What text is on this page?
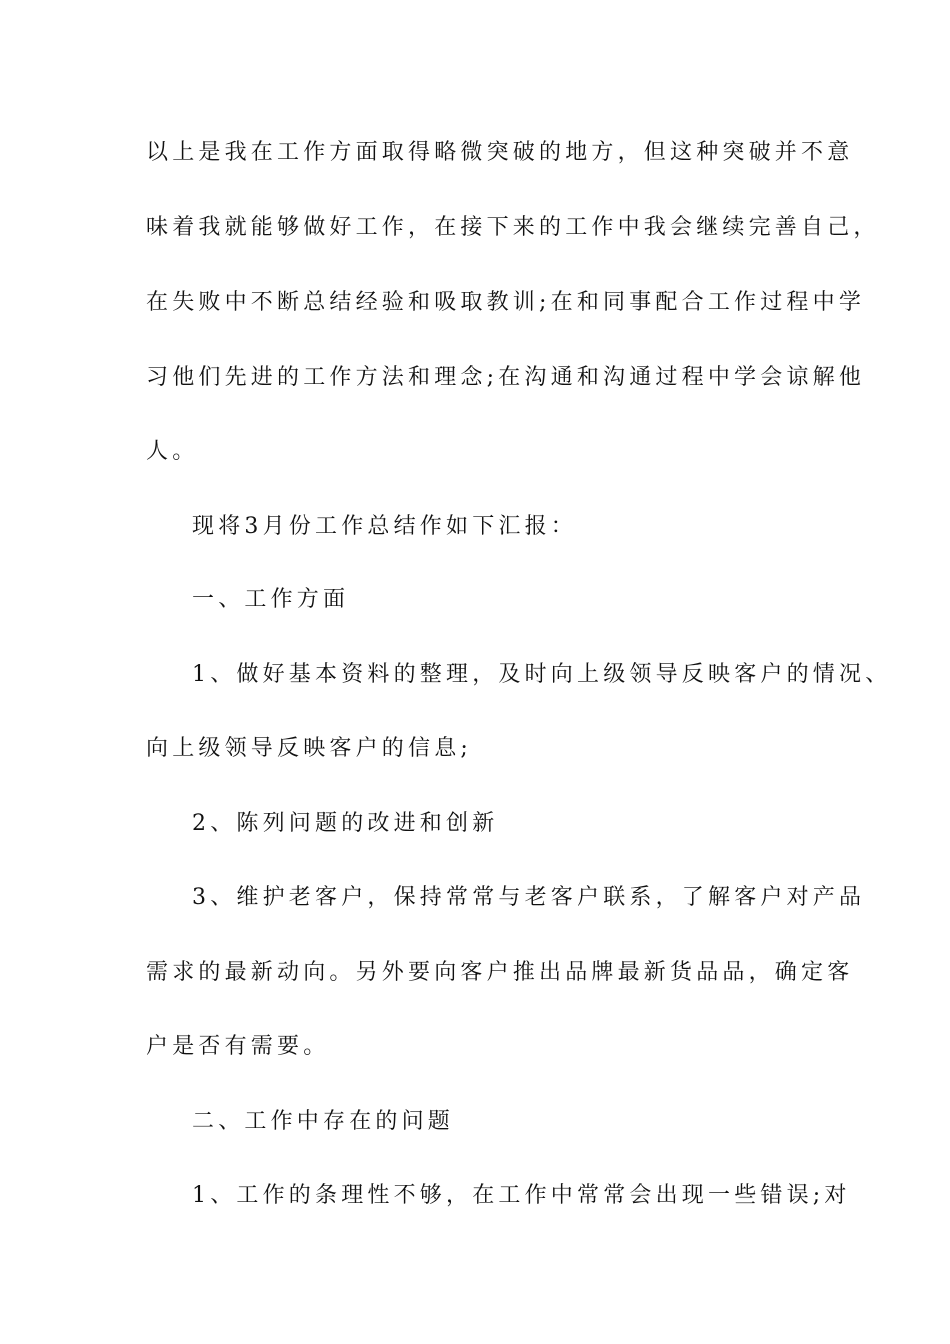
以上是我在工作方面取得略微突破的地方，但这种突破并不意
味着我就能够做好工作，在接下来的工作中我会继续完善自己，
在失败中不断总结经验和吸取教训;在和同事配合工作过程中学
习他们先进的工作方法和理念;在沟通和沟通过程中学会谅解他
人。
现将3月份工作总结作如下汇报：
一、工作方面
1、做好基本资料的整理，及时向上级领导反映客户的情况、
向上级领导反映客户的信息;
2、陈列问题的改进和创新
3、维护老客户，保持常常与老客户联系，了解客户对产品
需求的最新动向。另外要向客户推出品牌最新货品品，确定客
户是否有需要。
二、工作中存在的问题
1、工作的条理性不够，在工作中常常会出现一些错误;对
